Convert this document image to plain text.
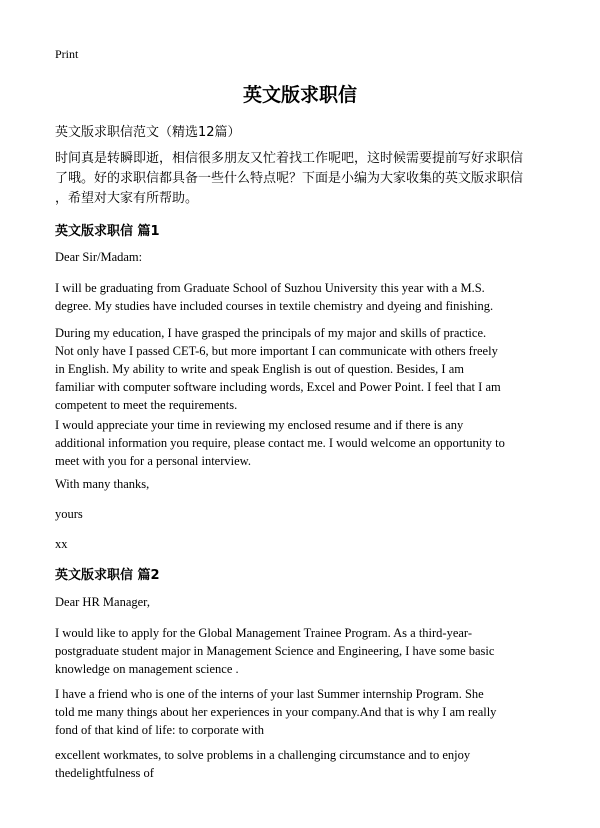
Print
英文版求职信
英文版求职信范文（精选12篇）
时间真是转瞬即逝，相信很多朋友又忙着找工作呢吧，这时候需要提前写好求职信
了哦。好的求职信都具备一些什么特点呢？下面是小编为大家收集的英文版求职信
，希望对大家有所帮助。
英文版求职信 篇1
Dear Sir/Madam:
I will be graduating from Graduate School of Suzhou University this year with a M.S.
degree. My studies have included courses in textile chemistry and dyeing and finishing.
During my education, I have grasped the principals of my major and skills of practice.
Not only have I passed CET-6, but more important I can communicate with others freely
in English. My ability to write and speak English is out of question. Besides, I am
familiar with computer software including words, Excel and Power Point. I feel that I am
competent to meet the requirements.
I would appreciate your time in reviewing my enclosed resume and if there is any
additional information you require, please contact me. I would welcome an opportunity to
meet with you for a personal interview.
With many thanks,
yours
xx
英文版求职信 篇2
Dear HR Manager,
I would like to apply for the Global Management Trainee Program. As a third-year-
postgraduate student major in Management Science and Engineering, I have some basic
knowledge on management science .
I have a friend who is one of the interns of your last Summer internship Program. She
told me many things about her experiences in your company.And that is why I am really
fond of that kind of life: to corporate with
excellent workmates, to solve problems in a challenging circumstance and to enjoy
thedelightfulness of
